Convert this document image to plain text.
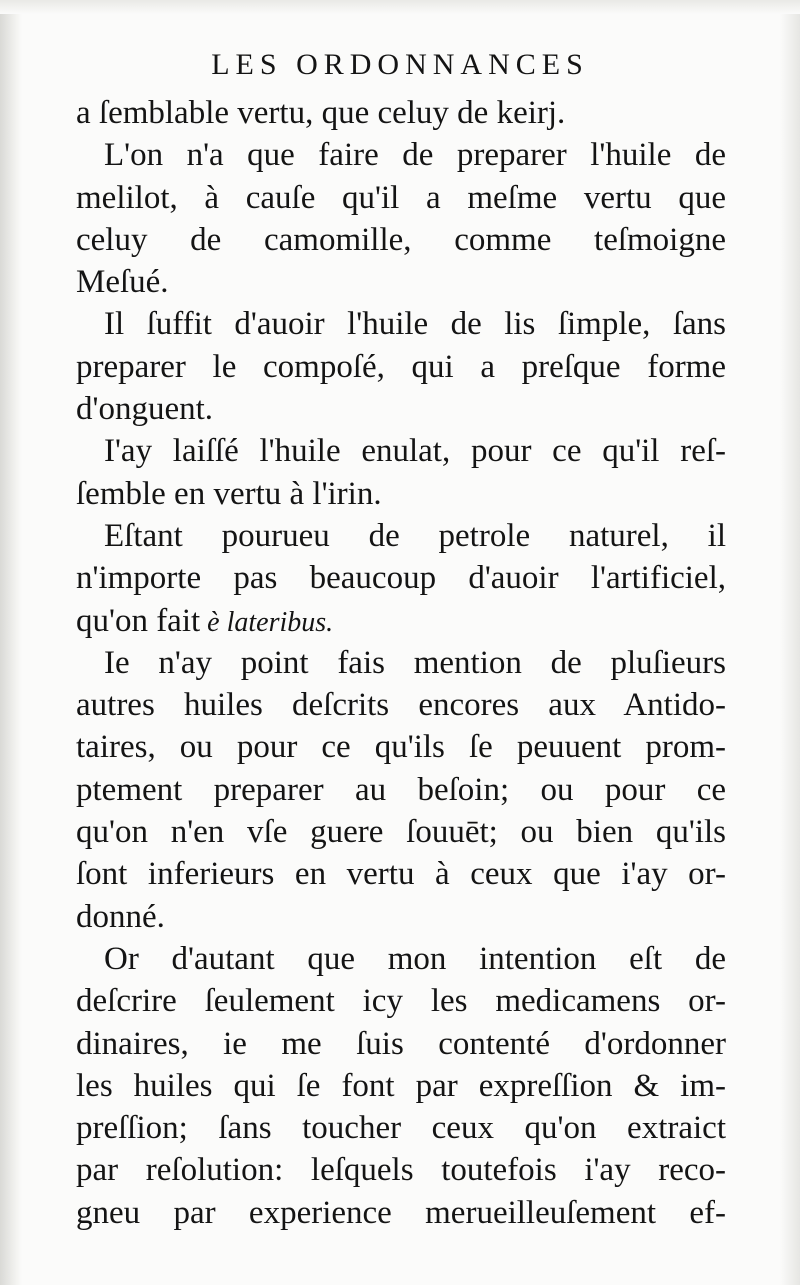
LES ORDONNANCES
a ſemblable vertu, que celuy de keirj.
L'on n'a que faire de preparer l'huile de
melilot, à cauſe qu'il a meſme vertu que
celuy de camomille, comme teſmoigne
Meſué.
Il ſuffit d'auoir l'huile de lis ſimple, ſans
preparer le compoſé, qui a preſque forme
d'onguent.
I'ay laiſſé l'huile enulat, pour ce qu'il reſ-
ſemble en vertu à l'irin.
Eſtant pourueu de petrole naturel, il
n'importe pas beaucoup d'auoir l'artificiel,
qu'on fait è lateribus.
Ie n'ay point fais mention de pluſieurs
autres huiles deſcrits encores aux Antido-
taires, ou pour ce qu'ils ſe peuuent prom-
ptement preparer au beſoin; ou pour ce
qu'on n'en vſe guere ſouuēt; ou bien qu'ils
ſont inferieurs en vertu à ceux que i'ay or-
donné.
Or d'autant que mon intention eſt de
deſcrire ſeulement icy les medicamens or-
dinaires, ie me ſuis contenté d'ordonner
les huiles qui ſe font par expreſſion & im-
preſſion; ſans toucher ceux qu'on extraict
par reſolution: leſquels toutefois i'ay reco-
gneu par experience merueilleuſement ef-
